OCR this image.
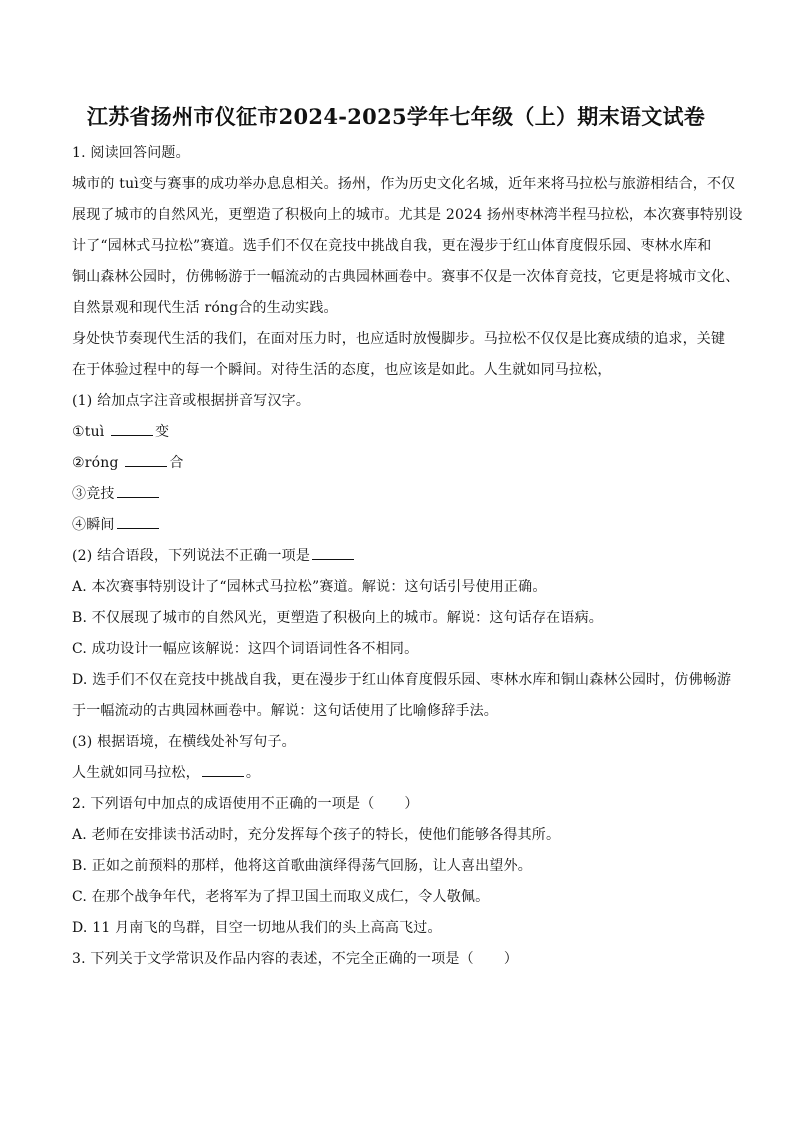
江苏省扬州市仪征市2024-2025学年七年级（上）期末语文试卷

1. 阅读回答问题。

城市的 tuì变与赛事的成功举办息息相关。扬州，作为历史文化名城，近年来将马拉松与旅游相结合，不仅

展现了城市的自然风光，更塑造了积极向上的城市。尤其是 2024 扬州枣林湾半程马拉松，本次赛事特别设

计了“园林式马拉松”赛道。选手们不仅在竞技中挑战自我，更在漫步于红山体育度假乐园、枣林水库和

铜山森林公园时，仿佛畅游于一幅流动的古典园林画卷中。赛事不仅是一次体育竞技，它更是将城市文化、

自然景观和现代生活 róng合的生动实践。

身处快节奏现代生活的我们，在面对压力时，也应适时放慢脚步。马拉松不仅仅是比赛成绩的追求，关键

在于体验过程中的每一个瞬间。对待生活的态度，也应该是如此。人生就如同马拉松，

(1) 给加点字注音或根据拼音写汉字。

①tuì	变

②róng	合

③竞技

④瞬间

(2) 结合语段，下列说法不正确一项是

A. 本次赛事特别设计了“园林式马拉松”赛道。解说：这句话引号使用正确。

B. 不仅展现了城市的自然风光，更塑造了积极向上的城市。解说：这句话存在语病。

C. 成功设计一幅应该解说：这四个词语词性各不相同。

D. 选手们不仅在竞技中挑战自我，更在漫步于红山体育度假乐园、枣林水库和铜山森林公园时，仿佛畅游

于一幅流动的古典园林画卷中。解说：这句话使用了比喻修辞手法。

(3) 根据语境，在横线处补写句子。

人生就如同马拉松，	。

2. 下列语句中加点的成语使用不正确的一项是（ ）

A. 老师在安排读书活动时，充分发挥每个孩子的特长，使他们能够各得其所。

B. 正如之前预料的那样，他将这首歌曲演绎得荡气回肠，让人喜出望外。

C. 在那个战争年代，老将军为了捍卫国土而取义成仁，令人敬佩。

D. 11 月南飞的鸟群，目空一切地从我们的头上高高飞过。

3. 下列关于文学常识及作品内容的表述，不完全正确的一项是（ ）
